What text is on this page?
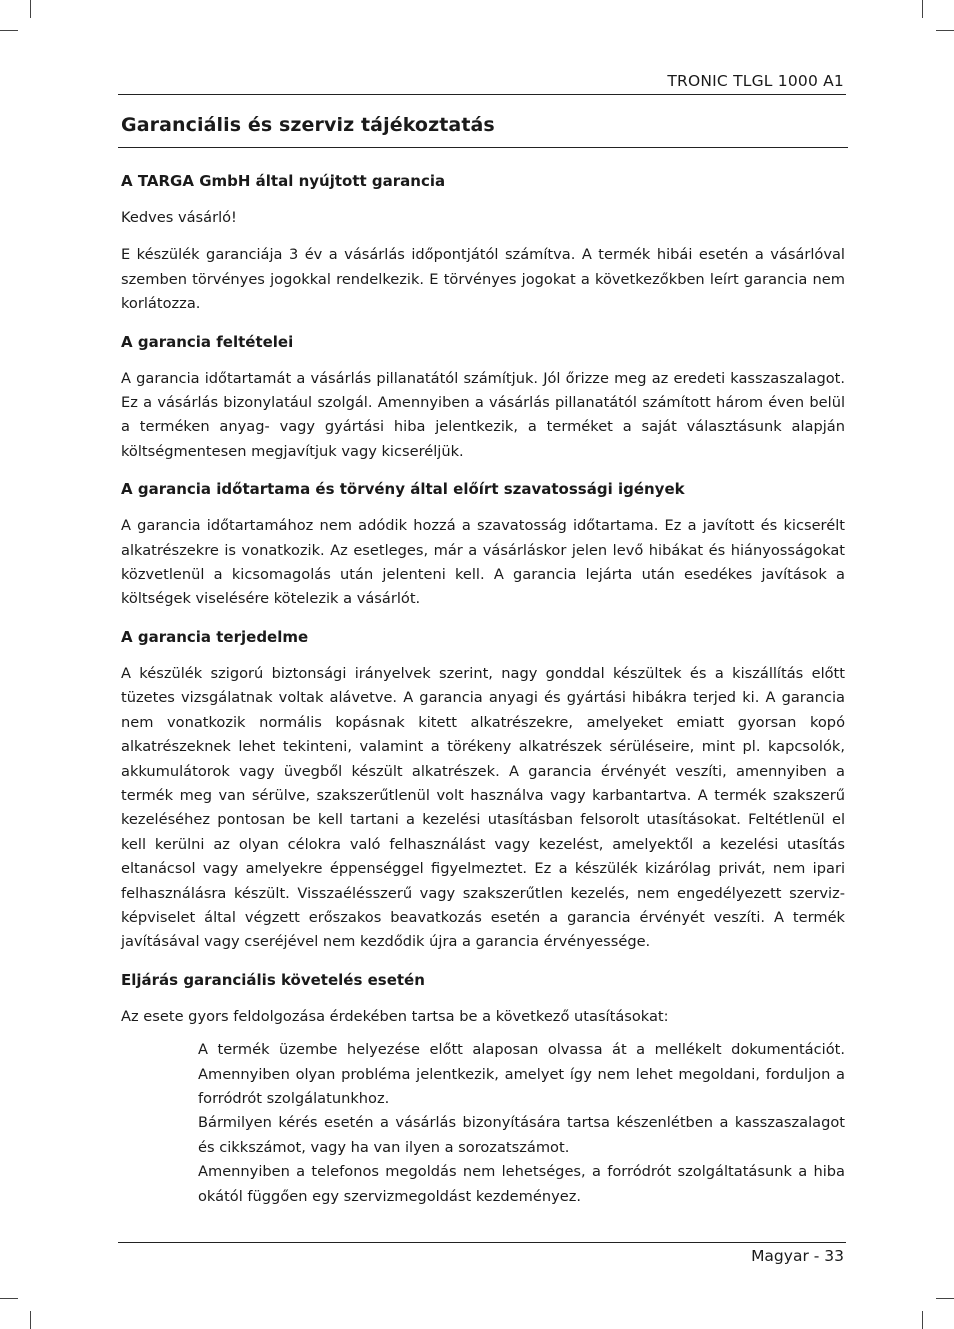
TRONIC TLGL 1000 A1
Garanciális és szerviz tájékoztatás
A TARGA GmbH által nyújtott garancia

Kedves vásárló!

E készülék garanciája 3 év a vásárlás időpontjától számítva. A termék hibái esetén a vásárlóval szemben törvényes jogokkal rendelkezik. E törvényes jogokat a következőkben leírt garancia nem korlátozza.

A garancia feltételei

A garancia időtartamát a vásárlás pillanatától számítjuk. Jól őrizze meg az eredeti kasszaszalagot. Ez a vásárlás bizonylatául szolgál. Amennyiben a vásárlás pillanatától számított három éven belül a terméken anyag- vagy gyártási hiba jelentkezik, a terméket a saját választásunk alapján költségmentesen megjavítjuk vagy kicseréljük.

A garancia időtartama és törvény által előírt szavatossági igények

A garancia időtartamához nem adódik hozzá a szavatosság időtartama. Ez a javított és kicserélt alkatrészekre is vonatkozik. Az esetleges, már a vásárláskor jelen levő hibákat és hiányosságokat közvetlenül a kicsomagolás után jelenteni kell. A garancia lejárta után esedékes javítások a költségek viselésére kötelezik a vásárlót.

A garancia terjedelme

A készülék szigorú biztonsági irányelvek szerint, nagy gonddal készültek és a kiszállítás előtt tüzetes vizsgálatnak voltak alávetve. A garancia anyagi és gyártási hibákra terjed ki. A garancia nem vonatkozik normális kopásnak kitett alkatrészekre, amelyeket emiatt gyorsan kopó alkatrészeknek lehet tekinteni, valamint a törékeny alkatrészek sérüléseire, mint pl. kapcsolók, akkumulátorok vagy üvegből készült alkatrészek. A garancia érvényét veszíti, amennyiben a termék meg van sérülve, szakszerűtlenül volt használva vagy karbantartva. A termék szakszerű kezeléséhez pontosan be kell tartani a kezelési utasításban felsorolt utasításokat. Feltétlenül el kell kerülni az olyan célokra való felhasználást vagy kezelést, amelyektől a kezelési utasítás eltanácsol vagy amelyekre éppenséggel figyelmeztet. Ez a készülék kizárólag privát, nem ipari felhasználásra készült. Visszaélésszerű vagy szakszerűtlen kezelés, nem engedélyezett szerviz-képviselet által végzett erőszakos beavatkozás esetén a garancia érvényét veszíti. A termék javításával vagy cseréjével nem kezdődik újra a garancia érvényessége.

Eljárás garanciális követelés esetén

Az esete gyors feldolgozása érdekében tartsa be a következő utasításokat:

A termék üzembe helyezése előtt alaposan olvassa át a mellékelt dokumentációt. Amennyiben olyan probléma jelentkezik, amelyet így nem lehet megoldani, forduljon a forródrót szolgálatunkhoz.

Bármilyen kérés esetén a vásárlás bizonyítására tartsa készenlétben a kasszaszalagot és cikkszámot, vagy ha van ilyen a sorozatszámot.

Amennyiben a telefonos megoldás nem lehetséges, a forródrót szolgáltatásunk a hiba okától függően egy szervizmegoldást kezdeményez.

Magyar - 33
